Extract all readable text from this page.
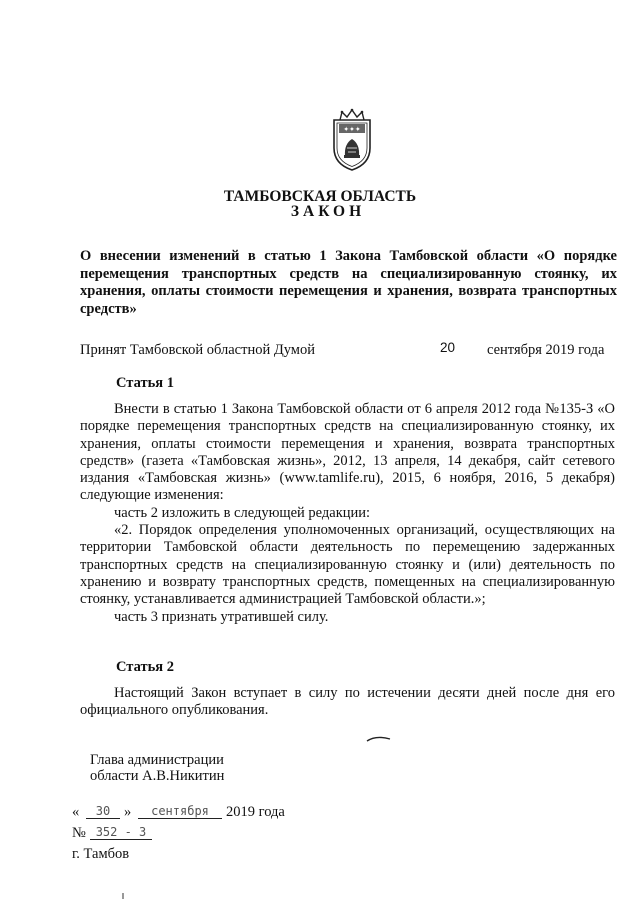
✦✦✦
ТАМБОВСКАЯ ОБЛАСТЬ
ЗАКОН
О внесении изменений в статью 1 Закона Тамбовской области «О порядке перемещения транспортных средств на специализированную стоянку, их хранения, оплаты стоимости перемещения и хранения, возврата транспортных средств»
Принят Тамбовской областной Думой	20 сентября 2019 года
Статья 1

Внести в статью 1 Закона Тамбовской области от 6 апреля 2012 года №135-З «О порядке перемещения транспортных средств на специализированную стоянку, их хранения, оплаты стоимости перемещения и хранения, возврата транспортных средств» (газета «Тамбовская жизнь», 2012, 13 апреля, 14 декабря, сайт сетевого издания «Тамбовская жизнь» (www.tamlife.ru), 2015, 6 ноября, 2016, 5 декабря) следующие изменения:

часть 2 изложить в следующей редакции:

«2. Порядок определения уполномоченных организаций, осуществляющих на территории Тамбовской области деятельность по перемещению задержанных транспортных средств на специализированную стоянку и (или) деятельность по хранению и возврату транспортных средств, помещенных на специализированную стоянку, устанавливается администрацией Тамбовской области.»;

часть 3 признать утратившей силу.

Статья 2

Настоящий Закон вступает в силу по истечении десяти дней после дня его официального опубликования.

Глава администрации
области А.В.Никитин
«	30 »	сентября	2019 года
№ 352 - З
г. Тамбов
